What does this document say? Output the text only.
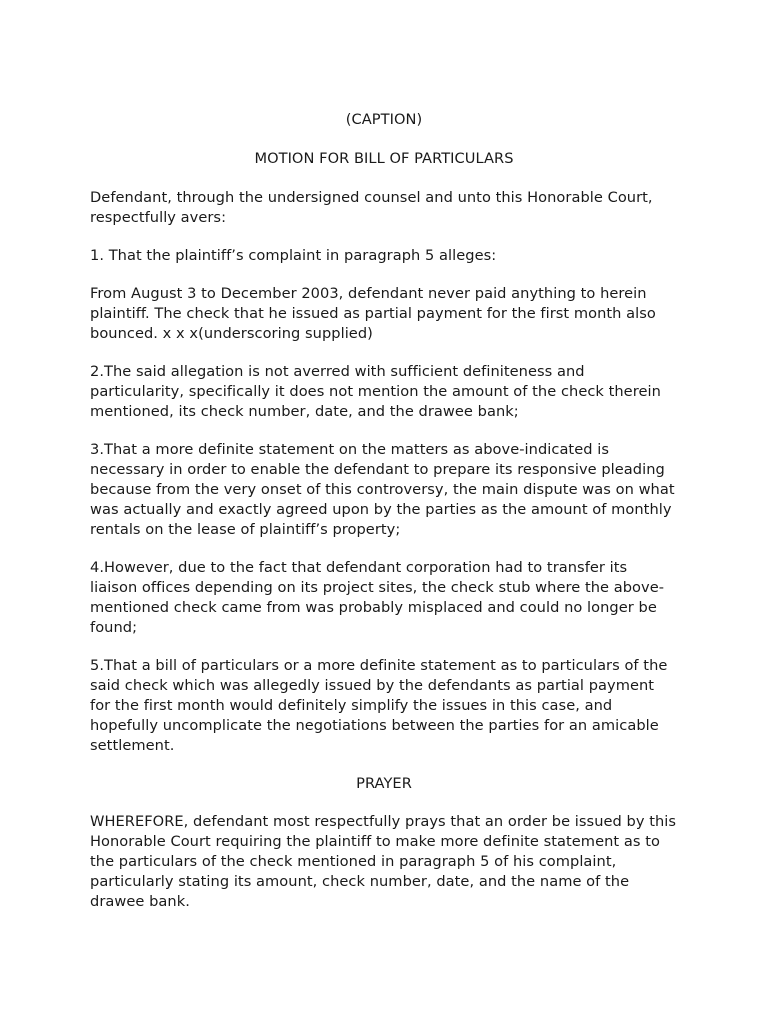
(CAPTION)

MOTION FOR BILL OF PARTICULARS

Defendant, through the undersigned counsel and unto this Honorable Court, respectfully avers:

1. That the plaintiff’s complaint in paragraph 5 alleges:

From August 3 to December 2003, defendant never paid anything to herein plaintiff. The check that he issued as partial payment for the first month also bounced. x x x(underscoring supplied)

2.The said allegation is not averred with sufficient definiteness and particularity, specifically it does not mention the amount of the check therein mentioned, its check number, date, and the drawee bank;

3.That a more definite statement on the matters as above-indicated is necessary in order to enable the defendant to prepare its responsive pleading because from the very onset of this controversy, the main dispute was on what was actually and exactly agreed upon by the parties as the amount of monthly rentals on the lease of plaintiff’s property;

4.However, due to the fact that defendant corporation had to transfer its liaison offices depending on its project sites, the check stub where the above-mentioned check came from was probably misplaced and could no longer be found;

5.That a bill of particulars or a more definite statement as to particulars of the said check which was allegedly issued by the defendants as partial payment for the first month would definitely simplify the issues in this case, and hopefully uncomplicate the negotiations between the parties for an amicable settlement.

PRAYER

WHEREFORE, defendant most respectfully prays that an order be issued by this Honorable Court requiring the plaintiff to make more definite statement as to the particulars of the check mentioned in paragraph 5 of his complaint, particularly stating its amount, check number, date, and the name of the drawee bank.
